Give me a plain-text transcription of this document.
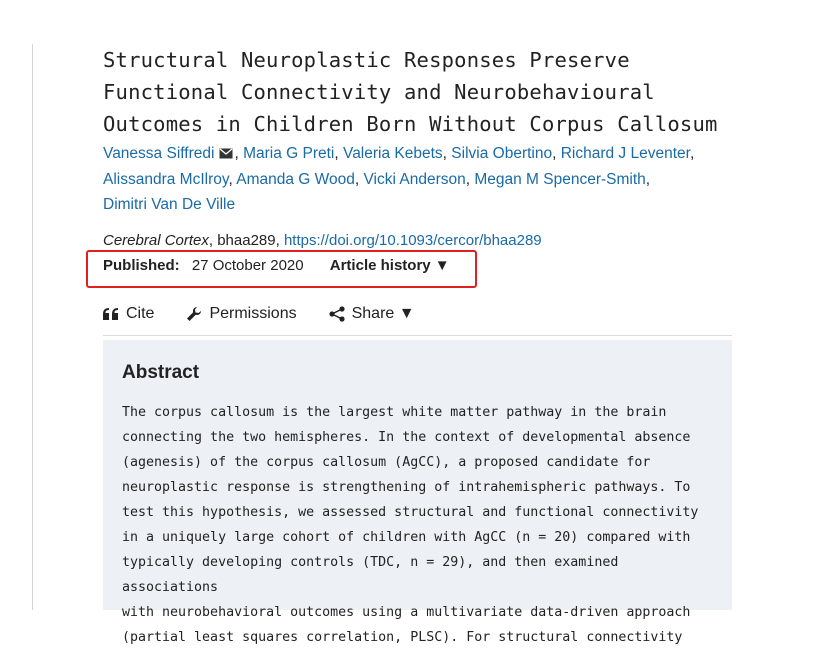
Structural Neuroplastic Responses Preserve
Functional Connectivity and Neurobehavioural
Outcomes in Children Born Without Corpus Callosum
Vanessa Siffredi , Maria G Preti, Valeria Kebets, Silvia Obertino, Richard J Leventer,
Alissandra McIlroy, Amanda G Wood, Vicki Anderson, Megan M Spencer-Smith,
Dimitri Van De Ville
Cerebral Cortex, bhaa289, https://doi.org/10.1093/cercor/bhaa289
Published: 27 October 2020 Article history ▼
Cite	Permissions	Share ▼
Abstract

The corpus callosum is the largest white matter pathway in the brain
connecting the two hemispheres. In the context of developmental absence
(agenesis) of the corpus callosum (AgCC), a proposed candidate for
neuroplastic response is strengthening of intrahemispheric pathways. To
test this hypothesis, we assessed structural and functional connectivity
in a uniquely large cohort of children with AgCC (n = 20) compared with
typically developing controls (TDC, n = 29), and then examined associations
with neurobehavioral outcomes using a multivariate data-driven approach
(partial least squares correlation, PLSC). For structural connectivity
